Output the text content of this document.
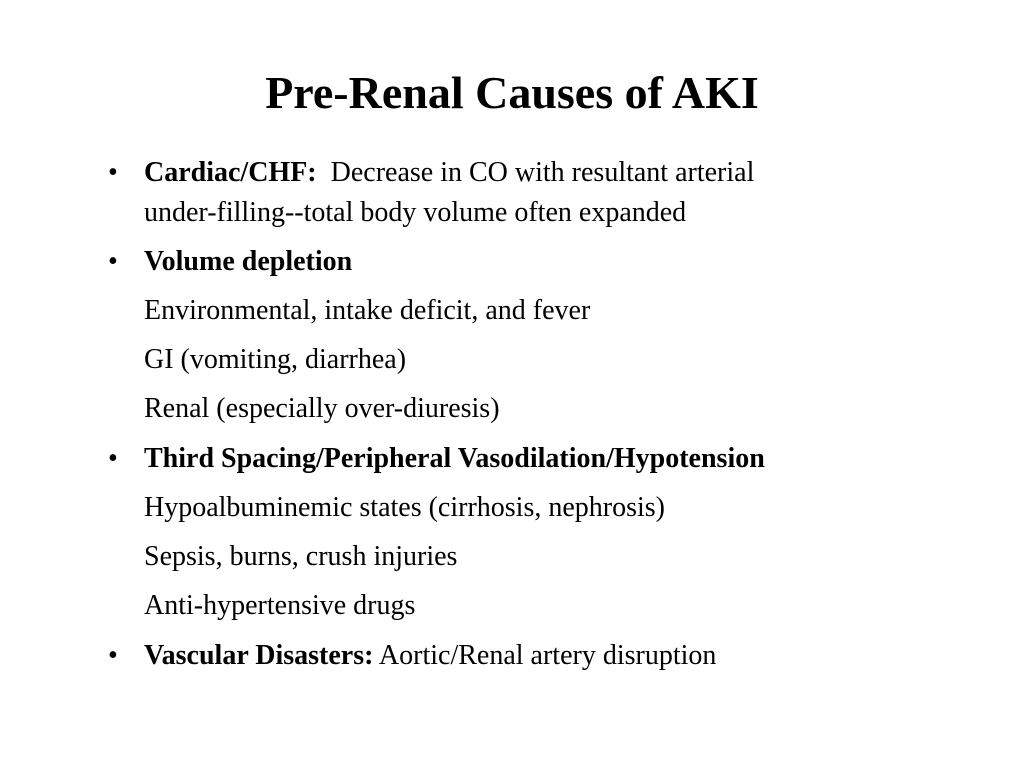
Pre-Renal Causes of AKI
• Cardiac/CHF: Decrease in CO with resultant arterial
under-filling--total body volume often expanded
• Volume depletion
Environmental, intake deficit, and fever
GI (vomiting, diarrhea)
Renal (especially over-diuresis)
• Third Spacing/Peripheral Vasodilation/Hypotension
Hypoalbuminemic states (cirrhosis, nephrosis)
Sepsis, burns, crush injuries
Anti-hypertensive drugs
• Vascular Disasters: Aortic/Renal artery disruption
